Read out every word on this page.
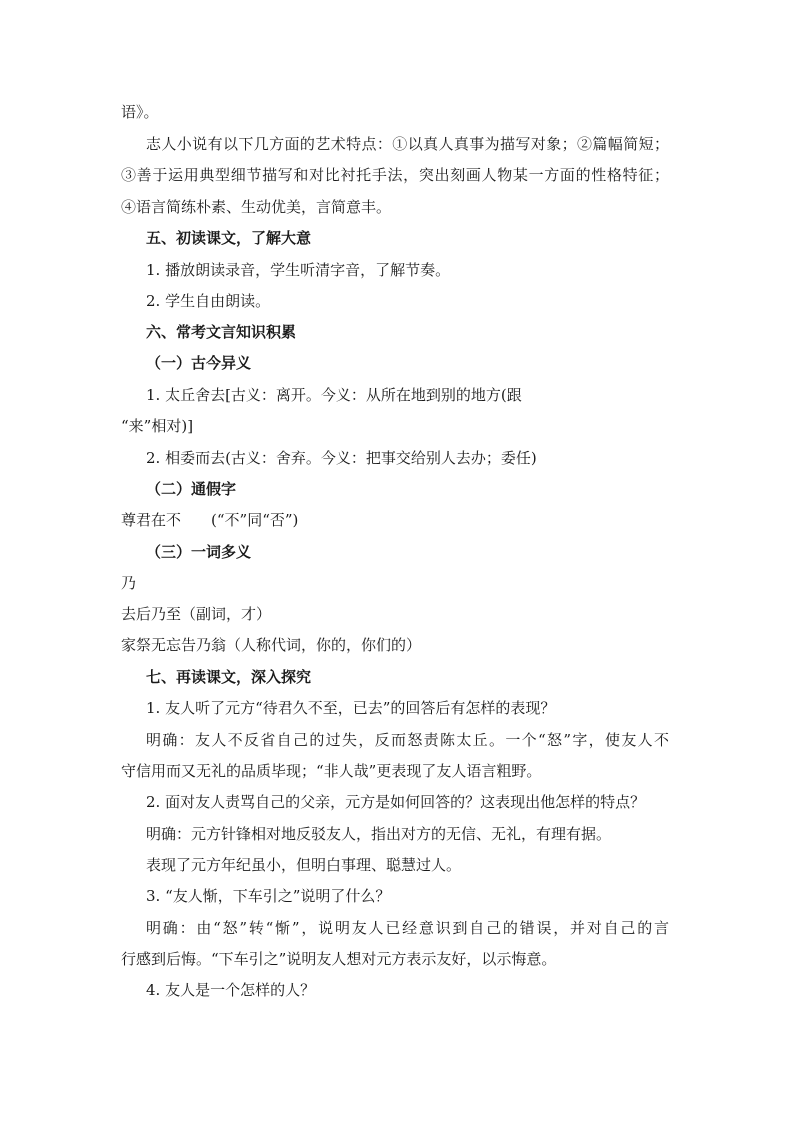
语》。
志人小说有以下几方面的艺术特点：①以真人真事为描写对象；②篇幅简短；
③善于运用典型细节描写和对比衬托手法，突出刻画人物某一方面的性格特征；
④语言简练朴素、生动优美，言简意丰。
五、初读课文，了解大意
1. 播放朗读录音，学生听清字音，了解节奏。
2. 学生自由朗读。
六、常考文言知识积累
（一）古今异义
1. 太丘舍去[古义：离开。今义：从所在地到别的地方(跟
“来”相对)]
2. 相委而去(古义：舍弃。今义：把事交给别人去办；委任)
（二）通假字
尊君在不　　(“不”同“否”)
（三）一词多义
乃
去后乃至（副词，才）
家祭无忘告乃翁（人称代词，你的，你们的）
七、再读课文，深入探究
1. 友人听了元方“待君久不至，已去”的回答后有怎样的表现？
明确：友人不反省自己的过失，反而怒责陈太丘。一个“怒”字，使友人不
守信用而又无礼的品质毕现；“非人哉”更表现了友人语言粗野。
2. 面对友人责骂自己的父亲，元方是如何回答的？这表现出他怎样的特点？
明确：元方针锋相对地反驳友人，指出对方的无信、无礼，有理有据。
表现了元方年纪虽小，但明白事理、聪慧过人。
3. “友人惭，下车引之”说明了什么？
明确：由“怒”转“惭”，说明友人已经意识到自己的错误，并对自己的言
行感到后悔。“下车引之”说明友人想对元方表示友好，以示悔意。
4. 友人是一个怎样的人？
